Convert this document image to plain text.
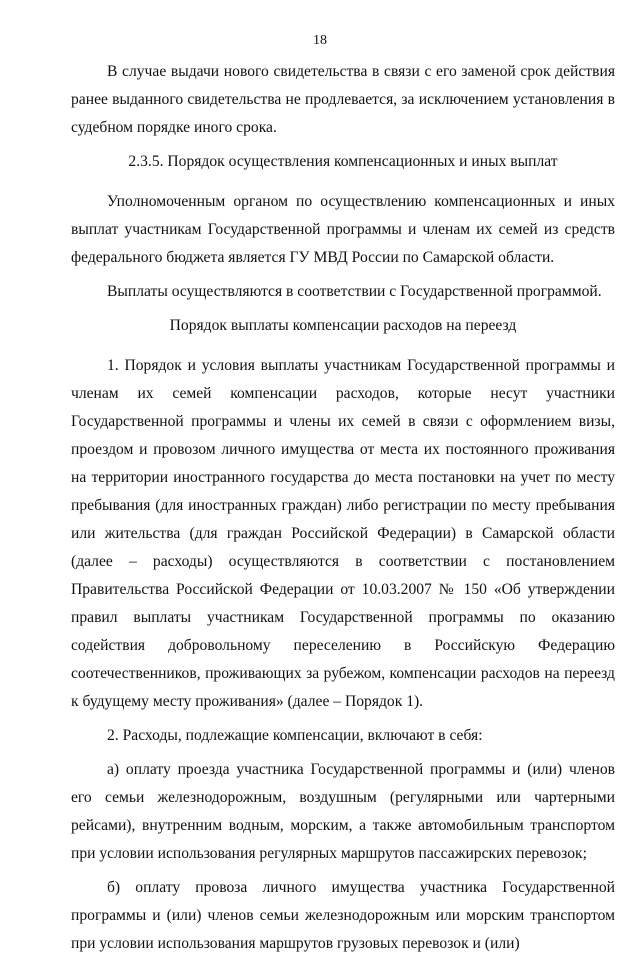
18

В случае выдачи нового свидетельства в связи с его заменой срок действия ранее выданного свидетельства не продлевается, за исключением установления в судебном порядке иного срока.

2.3.5. Порядок осуществления компенсационных и иных выплат

Уполномоченным органом по осуществлению компенсационных и иных выплат участникам Государственной программы и членам их семей из средств федерального бюджета является ГУ МВД России по Самарской области.

Выплаты осуществляются в соответствии с Государственной программой.

Порядок выплаты компенсации расходов на переезд

1. Порядок и условия выплаты участникам Государственной программы и членам их семей компенсации расходов, которые несут участники Государственной программы и члены их семей в связи с оформлением визы, проездом и провозом личного имущества от места их постоянного проживания на территории иностранного государства до места постановки на учет по месту пребывания (для иностранных граждан) либо регистрации по месту пребывания или жительства (для граждан Российской Федерации) в Самарской области (далее – расходы) осуществляются в соответствии с постановлением Правительства Российской Федерации от 10.03.2007 № 150 «Об утверждении правил выплаты участникам Государственной программы по оказанию содействия добровольному переселению в Российскую Федерацию соотечественников, проживающих за рубежом, компенсации расходов на переезд к будущему месту проживания» (далее – Порядок 1).

2. Расходы, подлежащие компенсации, включают в себя:

а) оплату проезда участника Государственной программы и (или) членов его семьи железнодорожным, воздушным (регулярными или чартерными рейсами), внутренним водным, морским, а также автомобильным транспортом при условии использования регулярных маршрутов пассажирских перевозок;

б) оплату провоза личного имущества участника Государственной программы и (или) членов семьи железнодорожным или морским транспортом при условии использования маршрутов грузовых перевозок и (или)
